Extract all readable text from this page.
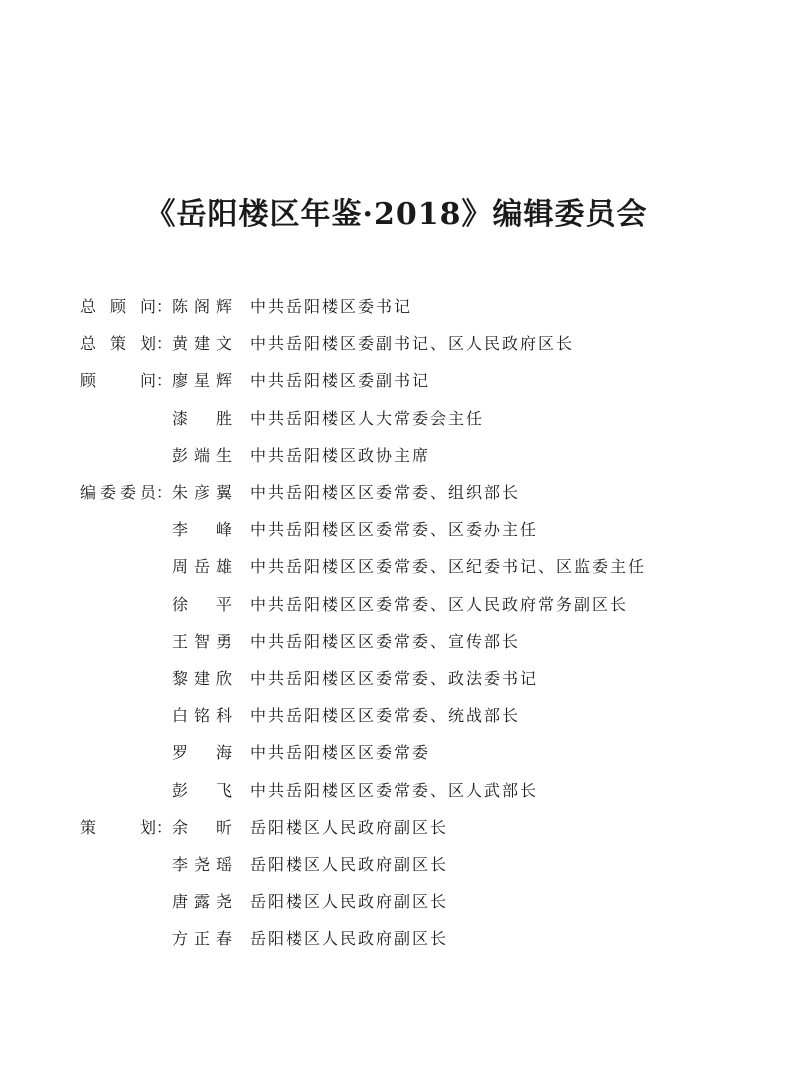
《岳阳楼区年鉴·2018》编辑委员会
总 顾 问 ： 陈 阁 辉 中共岳阳楼区委书记
总 策 划 ： 黄 建 文 中共岳阳楼区委副书记、区人民政府区长
顾	问 ： 廖 星 辉 中共岳阳楼区委副书记
漆 胜 中共岳阳楼区人大常委会主任
彭 端 生 中共岳阳楼区政协主席
编 委 委 员 ： 朱 彦 翼 中共岳阳楼区区委常委、组织部长
李 峰 中共岳阳楼区区委常委、区委办主任
周 岳 雄 中共岳阳楼区区委常委、区纪委书记、区监委主任
徐 平 中共岳阳楼区区委常委、区人民政府常务副区长
王 智 勇 中共岳阳楼区区委常委、宣传部长
黎 建 欣 中共岳阳楼区区委常委、政法委书记
白 铭 科 中共岳阳楼区区委常委、统战部长
罗 海 中共岳阳楼区区委常委
彭 飞 中共岳阳楼区区委常委、区人武部长
策	划 ： 余 昕 岳阳楼区人民政府副区长
李 尧 瑶 岳阳楼区人民政府副区长
唐 露 尧 岳阳楼区人民政府副区长
方 正 春 岳阳楼区人民政府副区长
